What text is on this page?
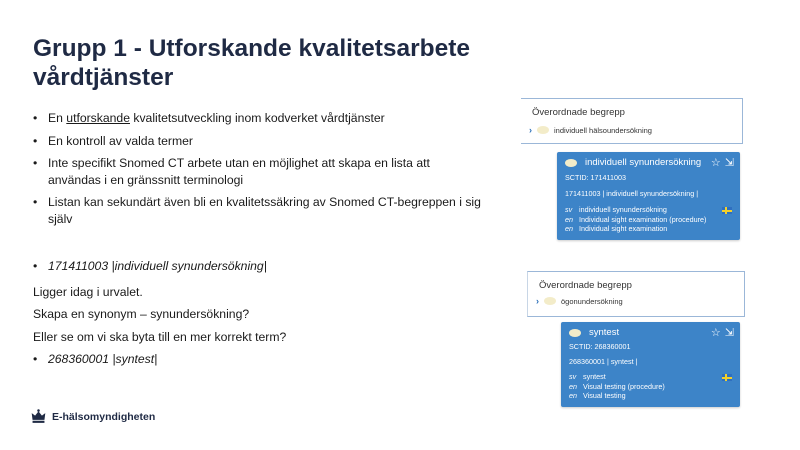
Grupp 1 - Utforskande kvalitetsarbete vårdtjänster
• En utforskande kvalitetsutveckling inom kodverket vårdtjänster
• En kontroll av valda termer
• Inte specifikt Snomed CT arbete utan en möjlighet att skapa en lista att användas i en gränssnitt terminologi
• Listan kan sekundärt även bli en kvalitetssäkring av Snomed CT-begreppen i sig själv
• 171411003 |individuell synundersökning|
Ligger idag i urvalet.
Skapa en synonym – synundersökning?
Eller se om vi ska byta till en mer korrekt term?
• 268360001 |syntest|
E-hälsomyndigheten
Överordnade begrepp
›	individuell hälsoundersökning
individuell synundersökning ☆ ⇲
SCTID: 171411003
171411003 | individuell synundersökning |
sv individuell synundersökning
en Individual sight examination (procedure)
en Individual sight examination
Överordnade begrepp
›	ögonundersökning
syntest	☆ ⇲
SCTID: 268360001
268360001 | syntest |
sv syntest
en Visual testing (procedure)
en Visual testing
